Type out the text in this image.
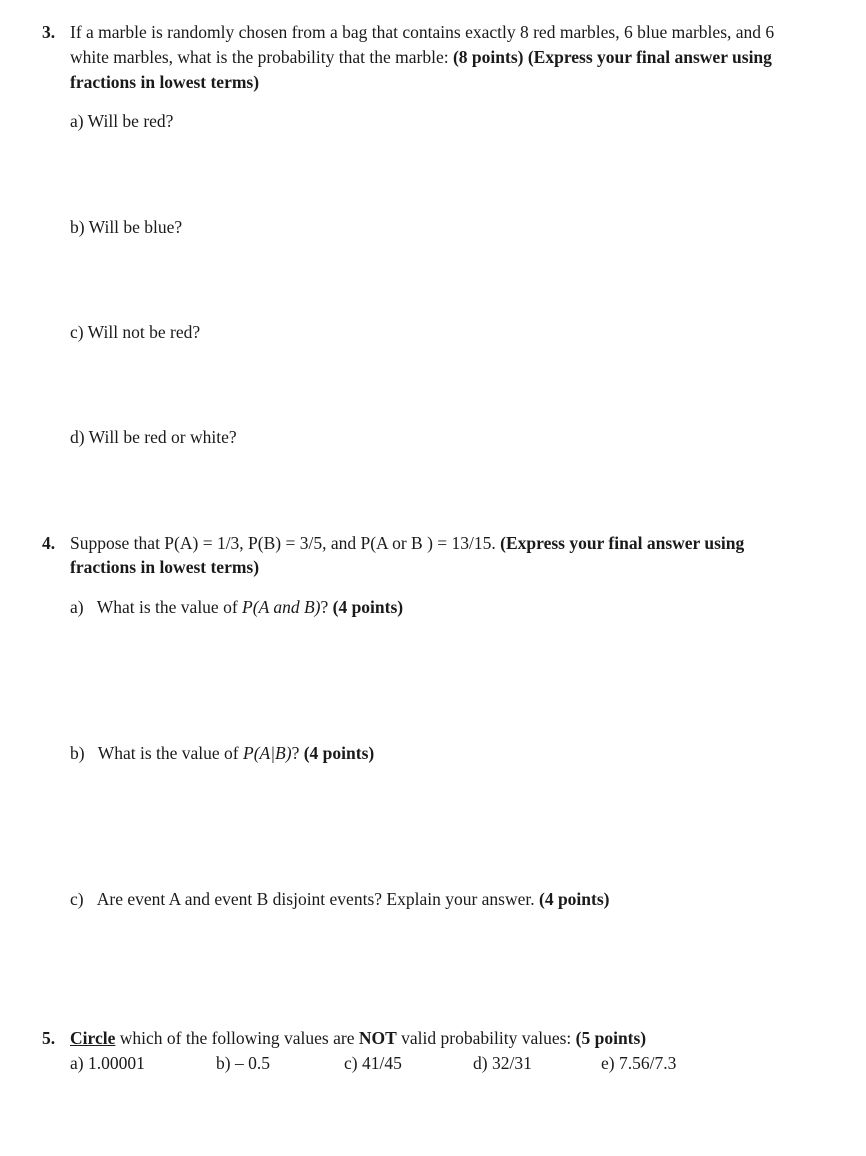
3. If a marble is randomly chosen from a bag that contains exactly 8 red marbles, 6 blue marbles, and 6
white marbles, what is the probability that the marble: (8 points) (Express your final answer using
fractions in lowest terms)
a) Will be red?
b) Will be blue?
c) Will not be red?
d) Will be red or white?
4. Suppose that P(A) = 1/3, P(B) = 3/5, and P(A or B ) = 13/15. (Express your final answer using
fractions in lowest terms)
a) What is the value of P(A and B)? (4 points)
b) What is the value of P(A|B)? (4 points)
c) Are event A and event B disjoint events? Explain your answer. (4 points)
5. Circle which of the following values are NOT valid probability values: (5 points)
a) 1.00001	b) – 0.5	c) 41/45	d) 32/31	e) 7.56/7.3
